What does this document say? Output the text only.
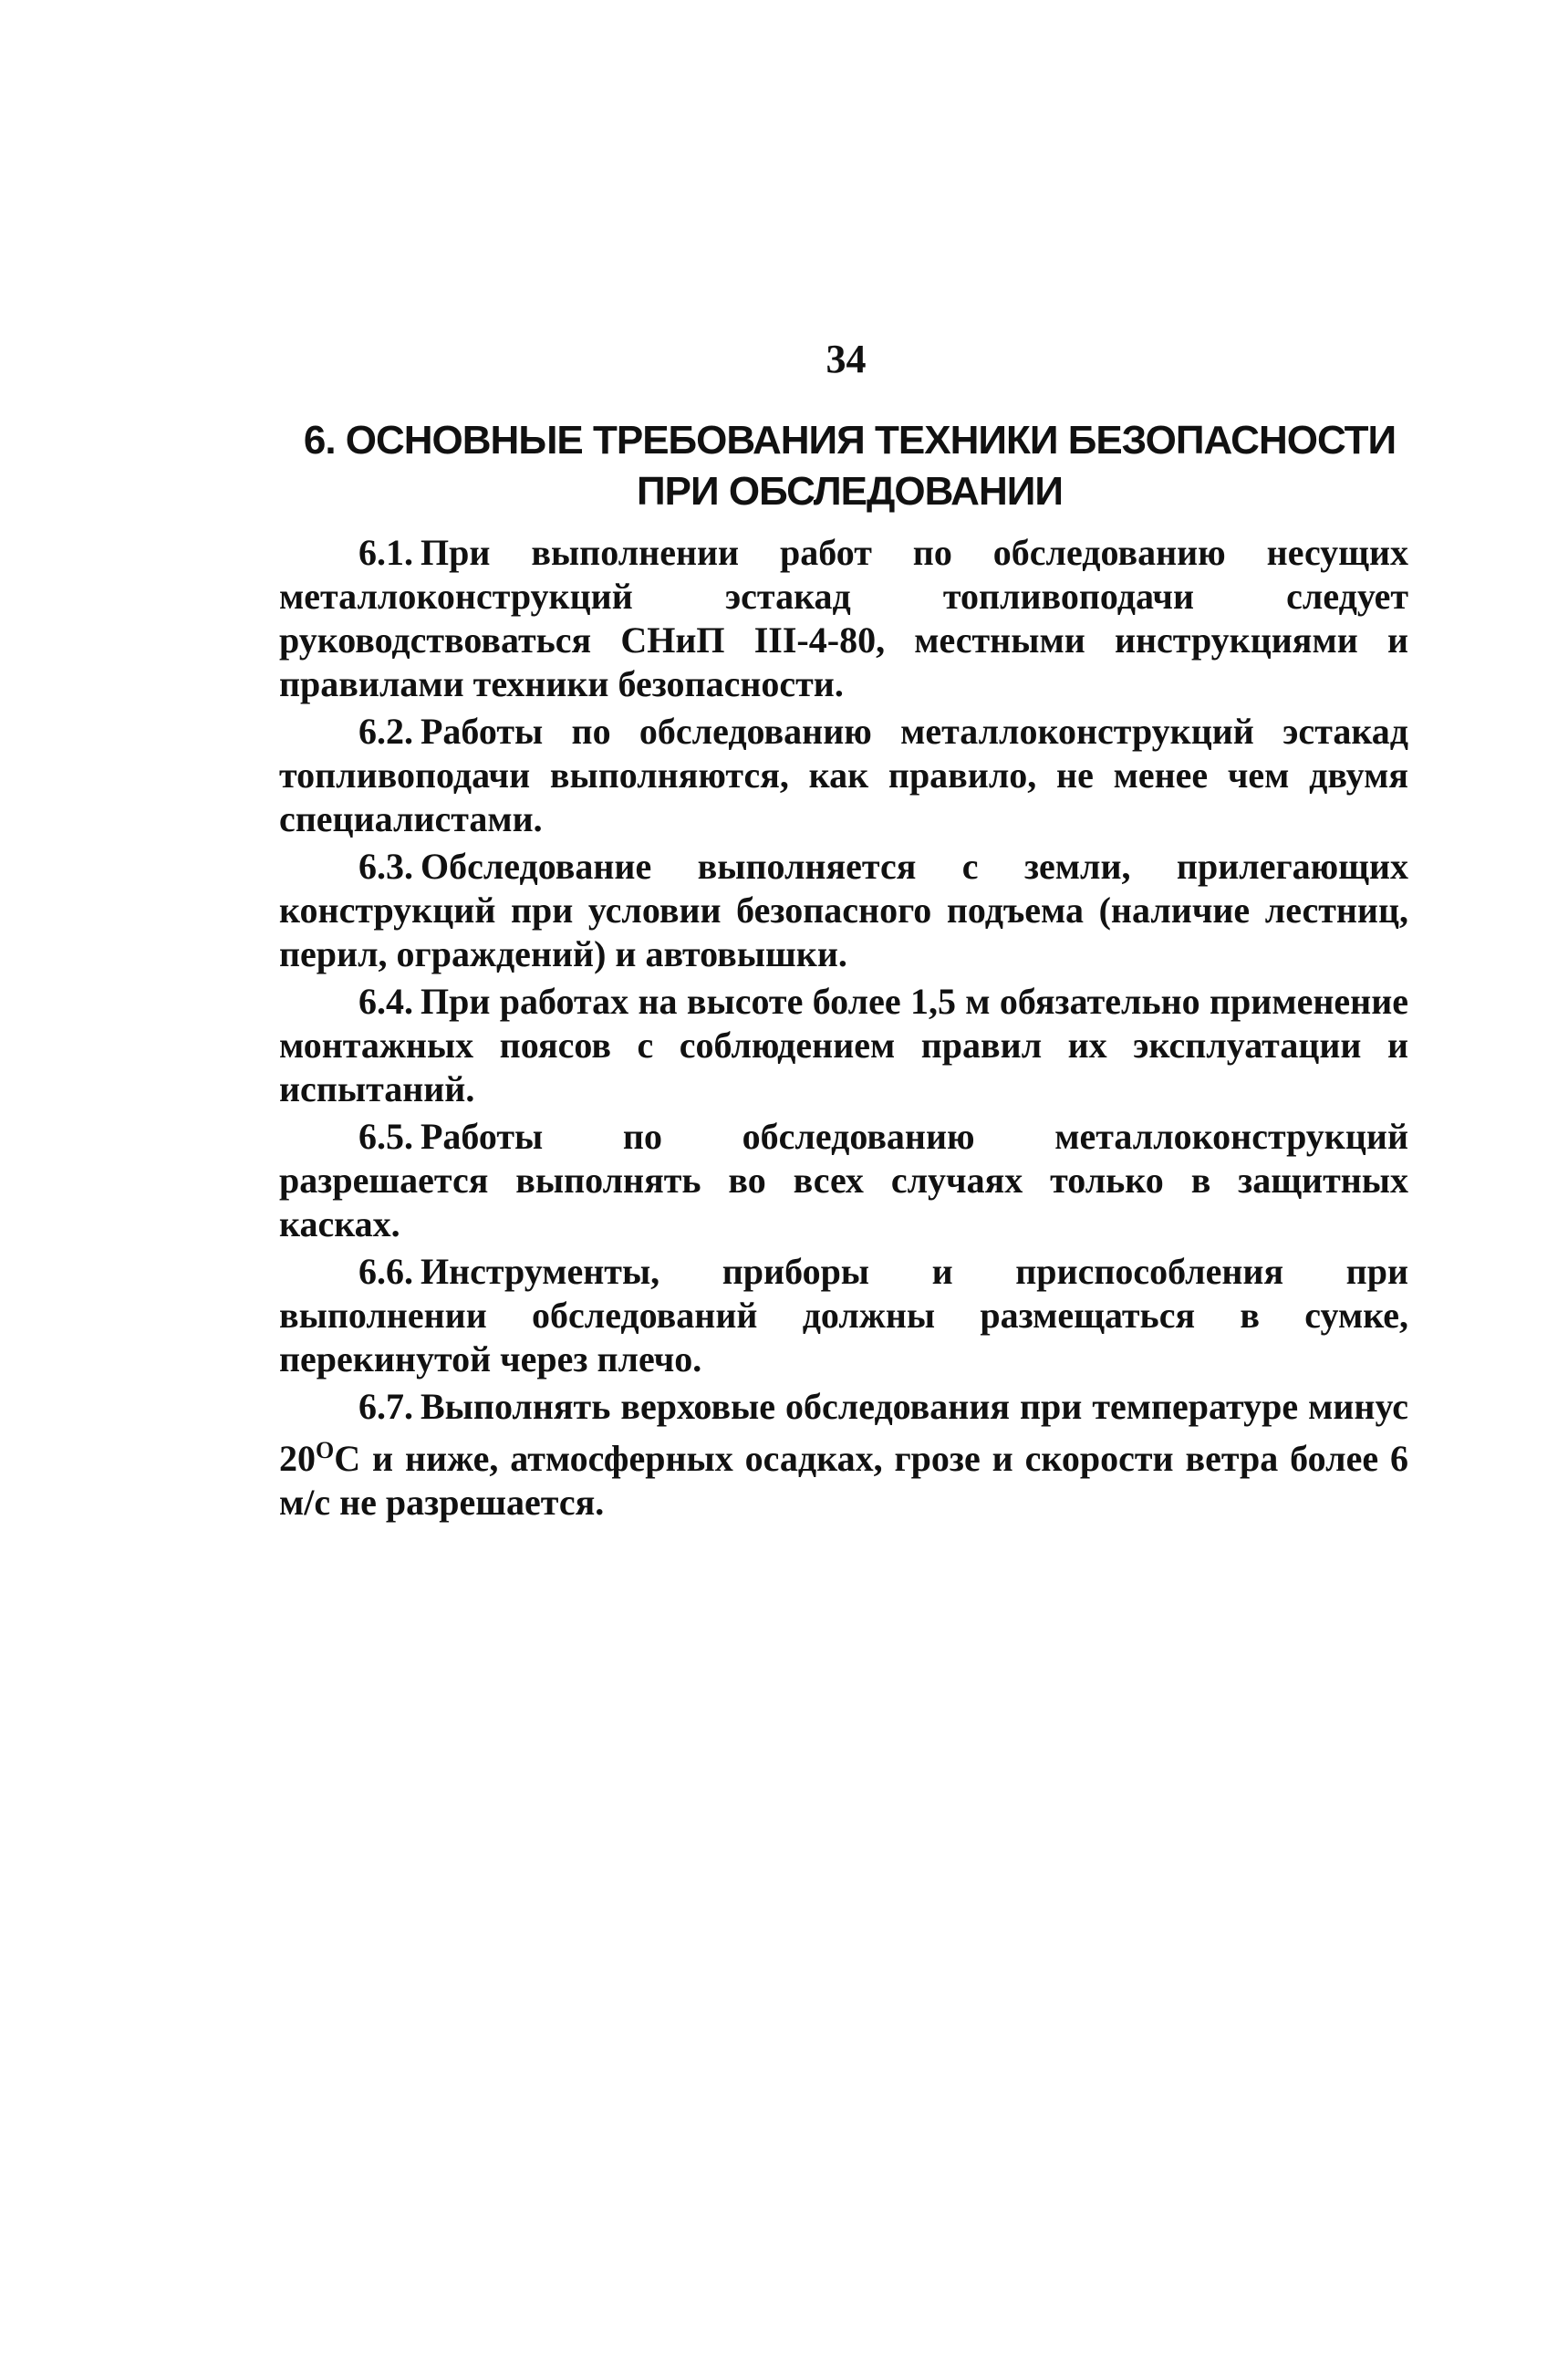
34
6. ОСНОВНЫЕ ТРЕБОВАНИЯ ТЕХНИКИ БЕЗОПАСНОСТИ
ПРИ ОБСЛЕДОВАНИИ

6.1. При выполнении работ по обследованию несущих металлоконструкций эстакад топливоподачи следует руководствоваться СНиП III-4-80, местными инструкциями и правилами техники безопасности.

6.2. Работы по обследованию металлоконструкций эстакад топливоподачи выполняются, как правило, не менее чем двумя специалистами.

6.3. Обследование выполняется с земли, прилегающих конструкций при условии безопасного подъема (наличие лестниц, перил, ограждений) и автовышки.

6.4. При работах на высоте более 1,5 м обязательно применение монтажных поясов с соблюдением правил их эксплуатации и испытаний.

6.5. Работы по обследованию металлоконструкций разрешается выполнять во всех случаях только в защитных касках.

6.6. Инструменты, приборы и приспособления при выполнении обследований должны размещаться в сумке, перекинутой через плечо.

6.7. Выполнять верховые обследования при температуре минус $20^ОС$ и ниже, атмосферных осадках, грозе и скорости ветра более 6 м/с не разрешается.
